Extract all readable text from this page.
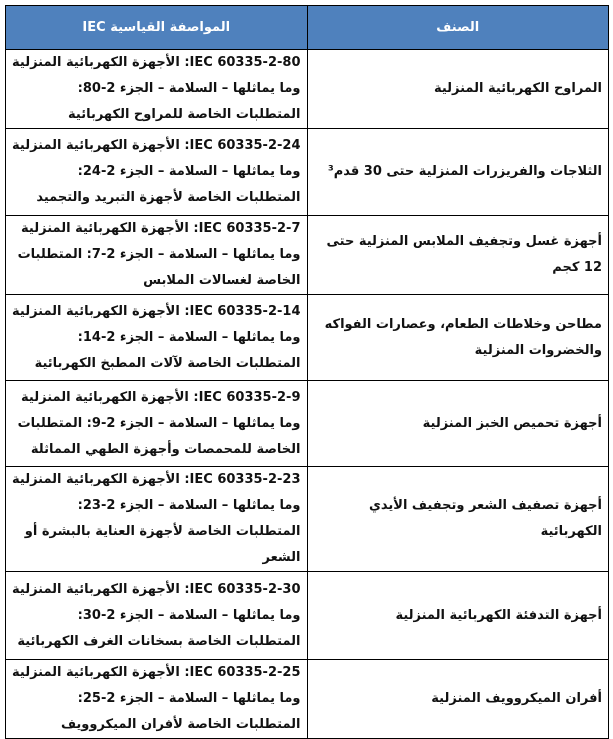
الصنف	المواصفة القياسية IEC
المراوح الكهربائية المنزلية	IEC 60335-2-80: الأجهزة الكهربائية المنزلية وما يماثلها – السلامة – الجزء 2-80: المتطلبات الخاصة للمراوح الكهربائية
الثلاجات والفريزرات المنزلية حتى 30 قدم³	IEC 60335-2-24: الأجهزة الكهربائية المنزلية وما يماثلها – السلامة – الجزء 2-24: المتطلبات الخاصة لأجهزة التبريد والتجميد
أجهزة غسل وتجفيف الملابس المنزلية حتى 12 كجم	IEC 60335-2-7: الأجهزة الكهربائية المنزلية وما يماثلها – السلامة – الجزء 2-7: المتطلبات الخاصة لغسالات الملابس
مطاحن وخلاطات الطعام، وعصارات الفواكه والخضروات المنزلية	IEC 60335-2-14: الأجهزة الكهربائية المنزلية وما يماثلها – السلامة – الجزء 2-14: المتطلبات الخاصة لآلات المطبخ الكهربائية
أجهزة تحميص الخبز المنزلية	IEC 60335-2-9: الأجهزة الكهربائية المنزلية وما يماثلها – السلامة – الجزء 2-9: المتطلبات الخاصة للمحمصات وأجهزة الطهي المماثلة
أجهزة تصفيف الشعر وتجفيف الأيدي الكهربائية	IEC 60335-2-23: الأجهزة الكهربائية المنزلية وما يماثلها – السلامة – الجزء 2-23: المتطلبات الخاصة لأجهزة العناية بالبشرة أو الشعر
أجهزة التدفئة الكهربائية المنزلية	IEC 60335-2-30: الأجهزة الكهربائية المنزلية وما يماثلها – السلامة – الجزء 2-30: المتطلبات الخاصة بسخانات الغرف الكهربائية
أفران الميكروويف المنزلية	IEC 60335-2-25: الأجهزة الكهربائية المنزلية وما يماثلها – السلامة – الجزء 2-25: المتطلبات الخاصة لأفران الميكروويف
